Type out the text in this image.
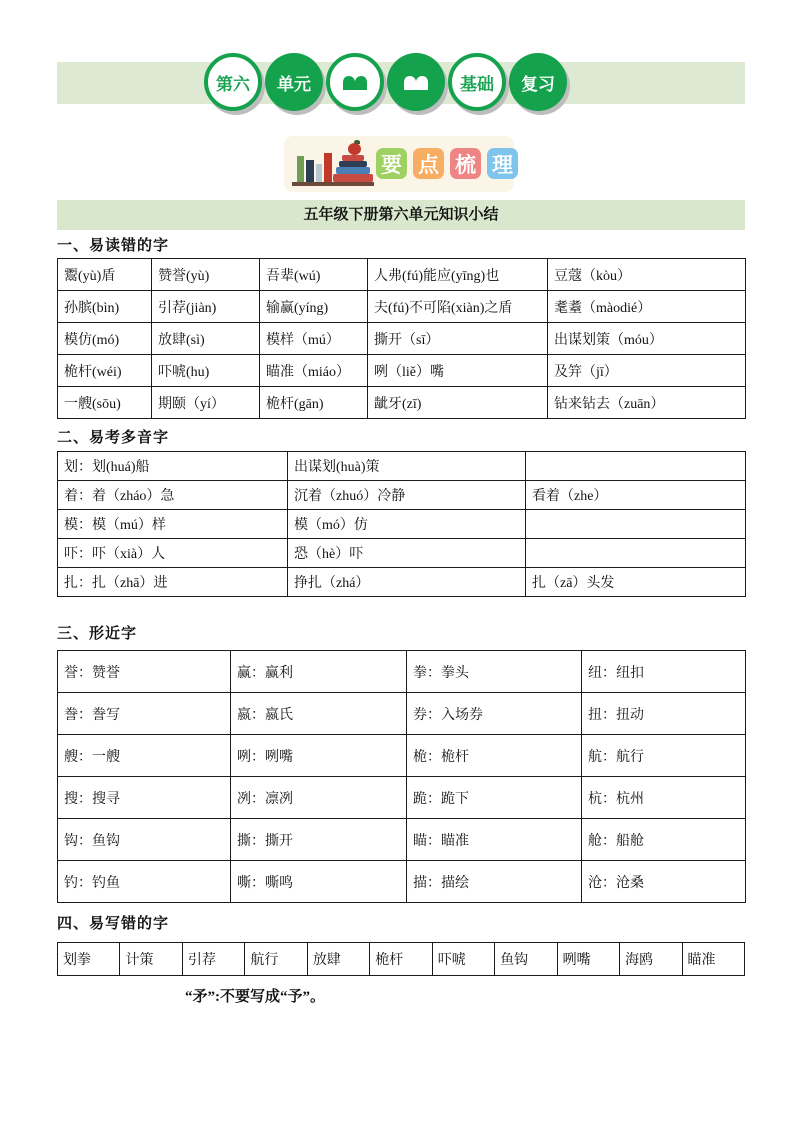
第六 单元	基础 复习
要 点 梳 理
五年级下册第六单元知识小结
一、易读错的字
鬻(yù)盾	赞誉(yù)	吾辈(wú)	人弗(fú)能应(yīng)也	豆蔻（kòu）
孙膑(bìn)	引荐(jiàn)	输赢(yíng)	夫(fú)不可陷(xiàn)之盾	耄耋（màodié）
模仿(mó)	放肆(sì)	模样（mú）	撕开（sī）	出谋划策（móu）
桅杆(wéi)	吓唬(hu)	瞄准（miáo）	咧（liě）嘴	及笄（jī）
一艘(sōu)	期颐（yí）	桅杆(gān)	龇牙(zī)	钻来钻去（zuān）
二、易考多音字
划：划(huá)船	出谋划(huà)策	
着：着（zháo）急	沉着（zhuó）冷静	看着（zhe）
模：模（mú）样	模（mó）仿	
吓：吓（xià）人	恐（hè）吓	
扎：扎（zhā）进	挣扎（zhá）	扎（zā）头发
三、形近字
誉：赞誉	赢：赢利	拳：拳头	纽：纽扣
誊：誊写	嬴：嬴氏	券：入场券	扭：扭动
艘：一艘	咧：咧嘴	桅：桅杆	航：航行
搜：搜寻	冽：凛冽	跪：跪下	杭：杭州
钩：鱼钩	撕：撕开	瞄：瞄准	舱：船舱
钓：钓鱼	嘶：嘶鸣	描：描绘	沧：沧桑
四、易写错的字
划拳	计策	引荐	航行	放肆	桅杆	吓唬	鱼钩	咧嘴	海鸥	瞄准
“矛”:不要写成“予”。
